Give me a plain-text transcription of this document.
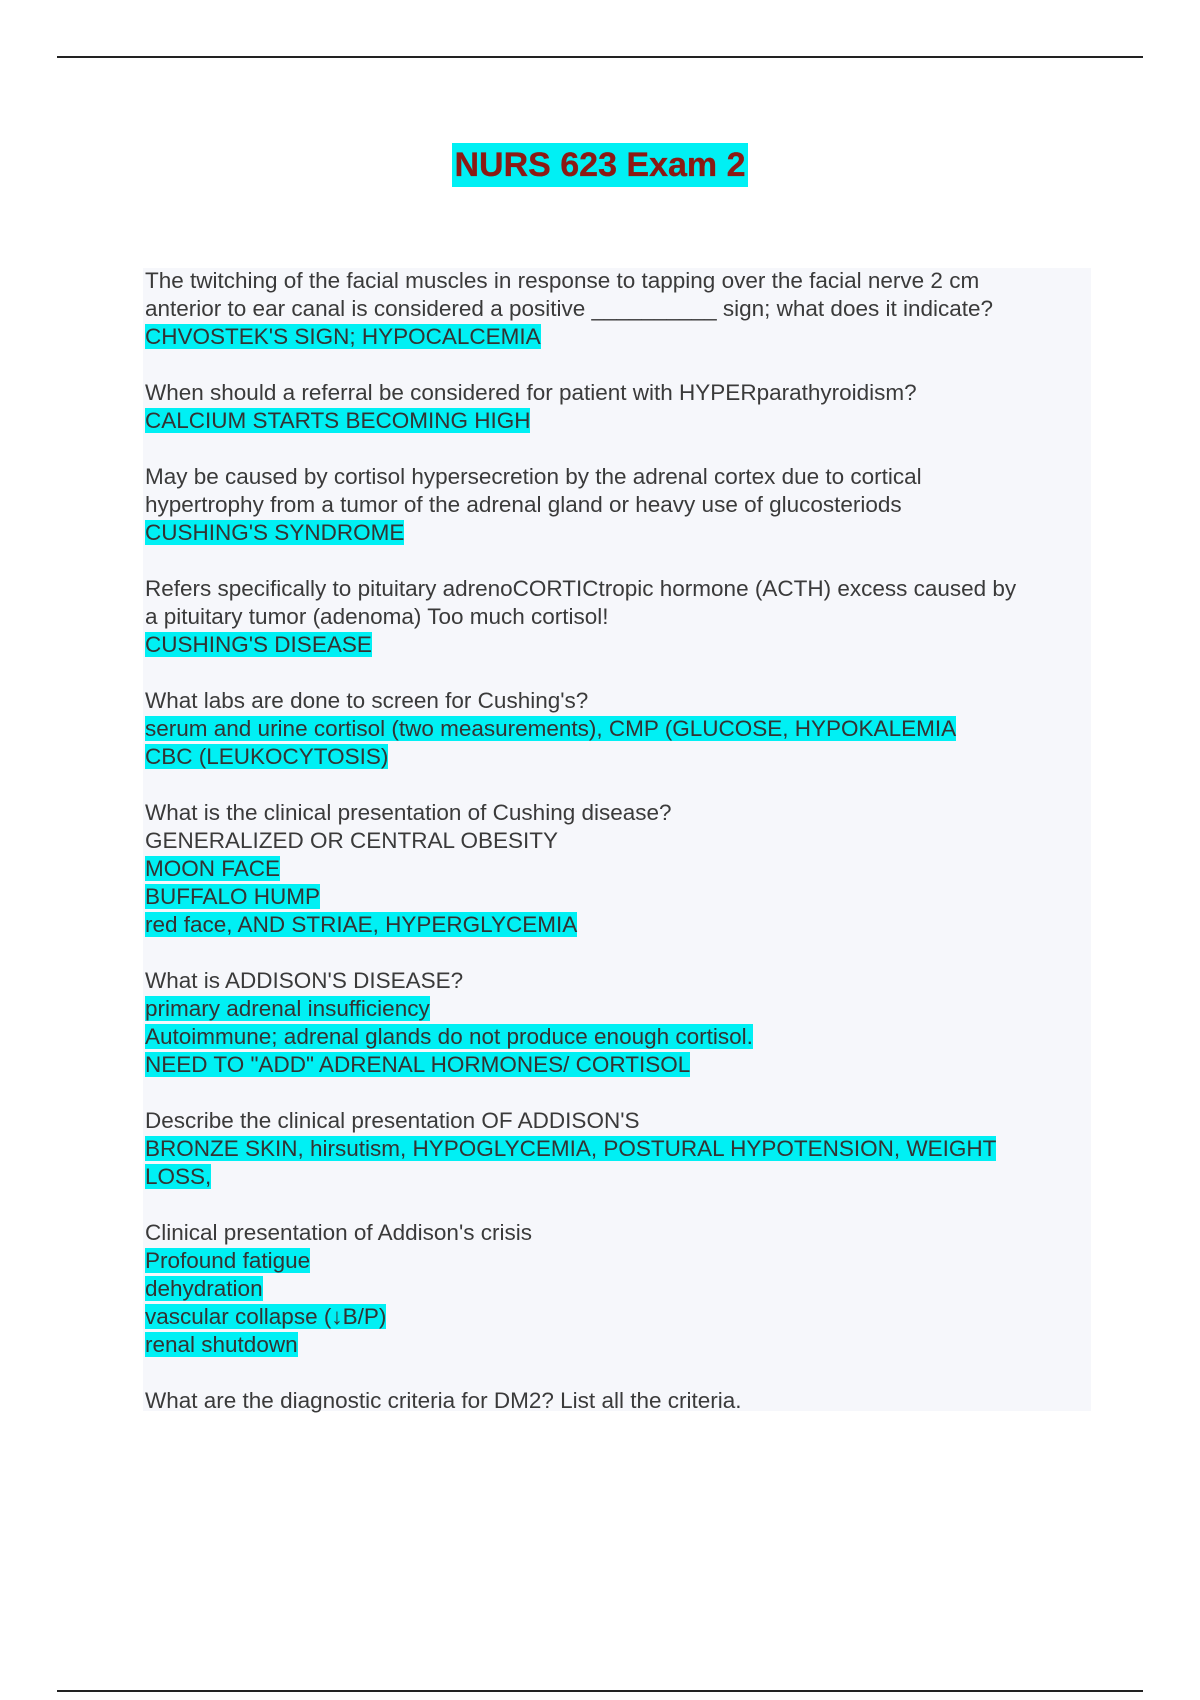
NURS 623 Exam 2
The twitching of the facial muscles in response to tapping over the facial nerve 2 cm
anterior to ear canal is considered a positive __________ sign; what does it indicate?
CHVOSTEK'S SIGN; HYPOCALCEMIA
When should a referral be considered for patient with HYPERparathyroidism?
CALCIUM STARTS BECOMING HIGH
May be caused by cortisol hypersecretion by the adrenal cortex due to cortical
hypertrophy from a tumor of the adrenal gland or heavy use of glucosteriods
CUSHING'S SYNDROME
Refers specifically to pituitary adrenoCORTICtropic hormone (ACTH) excess caused by
a pituitary tumor (adenoma) Too much cortisol!
CUSHING'S DISEASE
What labs are done to screen for Cushing's?
serum and urine cortisol (two measurements), CMP (GLUCOSE, HYPOKALEMIA
CBC (LEUKOCYTOSIS)
What is the clinical presentation of Cushing disease?
GENERALIZED OR CENTRAL OBESITY
MOON FACE
BUFFALO HUMP
red face, AND STRIAE, HYPERGLYCEMIA
What is ADDISON'S DISEASE?
primary adrenal insufficiency
Autoimmune; adrenal glands do not produce enough cortisol.
NEED TO "ADD" ADRENAL HORMONES/ CORTISOL
Describe the clinical presentation OF ADDISON'S
BRONZE SKIN, hirsutism, HYPOGLYCEMIA, POSTURAL HYPOTENSION, WEIGHT
LOSS,
Clinical presentation of Addison's crisis
Profound fatigue
dehydration
vascular collapse (↓B/P)
renal shutdown
What are the diagnostic criteria for DM2? List all the criteria.
